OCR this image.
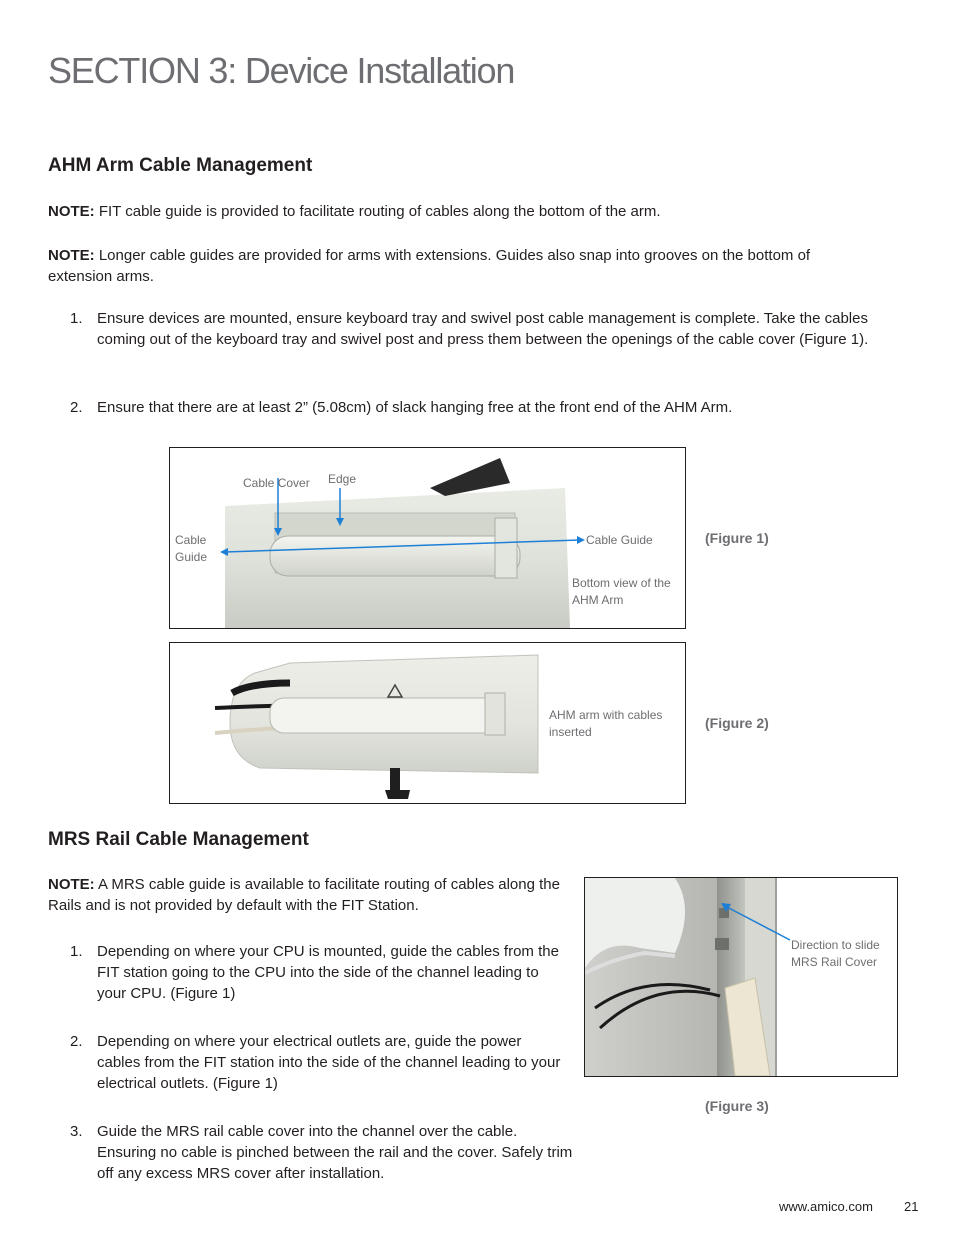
SECTION 3: Device Installation
AHM Arm Cable Management
NOTE: FIT cable guide is provided to facilitate routing of cables along the bottom of the arm.
NOTE: Longer cable guides are provided for arms with extensions. Guides also snap into grooves on the bottom of extension arms.
1. Ensure devices are mounted, ensure keyboard tray and swivel post cable management is complete. Take the cables coming out of the keyboard tray and swivel post and press them between the openings of the cable cover (Figure 1).
2. Ensure that there are at least 2” (5.08cm) of slack hanging free at the front end of the AHM Arm.
Cable Cover Edge
Cable Guide
Cable Guide
Bottom view of the AHM Arm
(Figure 1)
AHM arm with cables inserted
(Figure 2)
MRS Rail Cable Management
NOTE: A MRS cable guide is available to facilitate routing of cables along the Rails and is not provided by default with the FIT Station.
1. Depending on where your CPU is mounted, guide the cables from the FIT station going to the CPU into the side of the channel leading to your CPU. (Figure 1)
2. Depending on where your electrical outlets are, guide the power cables from the FIT station into the side of the channel leading to your electrical outlets. (Figure 1)
3. Guide the MRS rail cable cover into the channel over the cable. Ensuring no cable is pinched between the rail and the cover. Safely trim off any excess MRS cover after installation.
Direction to slide MRS Rail Cover
(Figure 3)
www.amico.com 21
